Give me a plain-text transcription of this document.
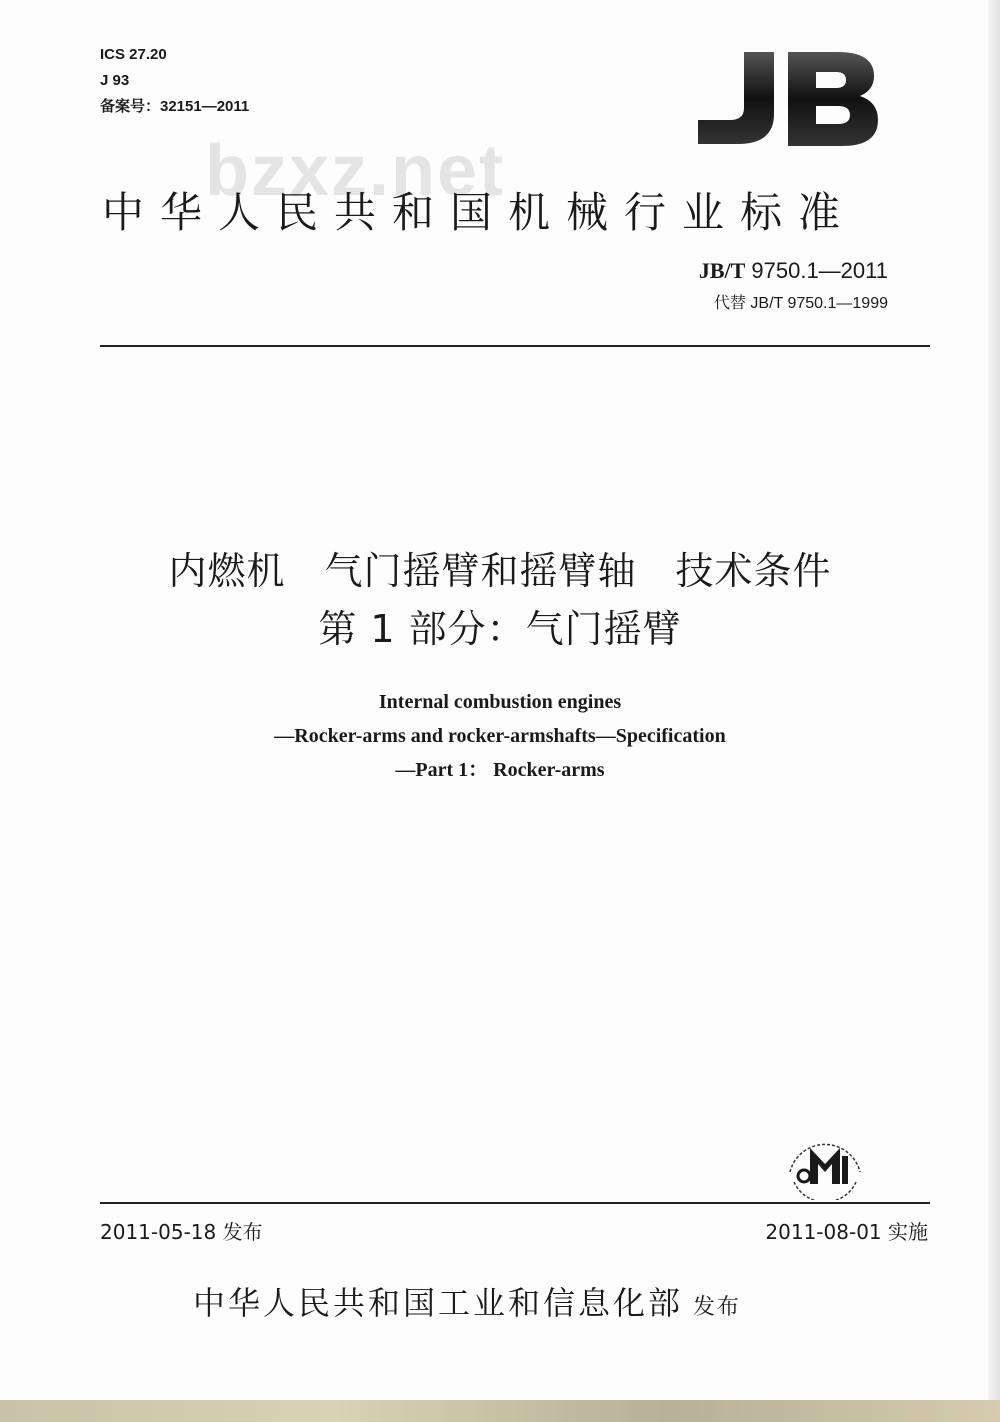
ICS 27.20
J 93
备案号：32151—2011
bzxz.net
中华人民共和国机械行业标准
JB/T 9750.1—2011
代替 JB/T 9750.1—1999
内燃机　气门摇臂和摇臂轴　技术条件
第 1 部分：气门摇臂
Internal combustion engines
—Rocker-arms and rocker-armshafts—Specification
—Part 1： Rocker-arms
2011-05-18 发布	2011-08-01 实施
中华人民共和国工业和信息化部 发布
